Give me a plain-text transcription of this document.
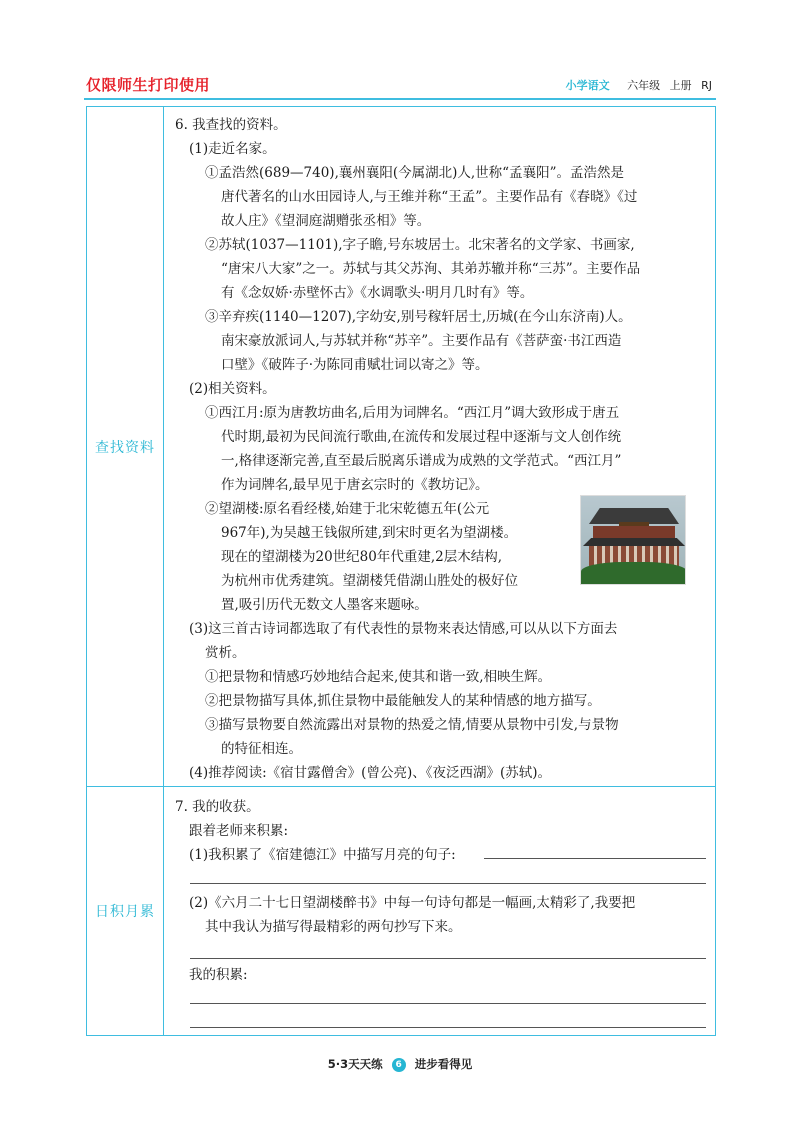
仅限师生打印使用	小学语文 六年级 上册 RJ
查找资料
6. 我查找的资料。
(1)走近名家。
①孟浩然(689—740),襄州襄阳(今属湖北)人,世称“孟襄阳”。孟浩然是
唐代著名的山水田园诗人,与王维并称“王孟”。主要作品有《春晓》《过
故人庄》《望洞庭湖赠张丞相》等。
②苏轼(1037—1101),字子瞻,号东坡居士。北宋著名的文学家、书画家,
“唐宋八大家”之一。苏轼与其父苏洵、其弟苏辙并称“三苏”。主要作品
有《念奴娇·赤壁怀古》《水调歌头·明月几时有》等。
③辛弃疾(1140—1207),字幼安,别号稼轩居士,历城(在今山东济南)人。
南宋豪放派词人,与苏轼并称“苏辛”。主要作品有《菩萨蛮·书江西造
口壁》《破阵子·为陈同甫赋壮词以寄之》等。
(2)相关资料。
①西江月:原为唐教坊曲名,后用为词牌名。“西江月”调大致形成于唐五
代时期,最初为民间流行歌曲,在流传和发展过程中逐渐与文人创作统
一,格律逐渐完善,直至最后脱离乐谱成为成熟的文学范式。“西江月”
作为词牌名,最早见于唐玄宗时的《教坊记》。
②望湖楼:原名看经楼,始建于北宋乾德五年(公元
967年),为吴越王钱俶所建,到宋时更名为望湖楼。
现在的望湖楼为20世纪80年代重建,2层木结构,
为杭州市优秀建筑。望湖楼凭借湖山胜处的极好位
置,吸引历代无数文人墨客来题咏。
(3)这三首古诗词都选取了有代表性的景物来表达情感,可以从以下方面去
赏析。
①把景物和情感巧妙地结合起来,使其和谐一致,相映生辉。
②把景物描写具体,抓住景物中最能触发人的某种情感的地方描写。
③描写景物要自然流露出对景物的热爱之情,情要从景物中引发,与景物
的特征相连。
(4)推荐阅读:《宿甘露僧舍》(曾公亮)、《夜泛西湖》(苏轼)。
日积月累
7. 我的收获。
跟着老师来积累:
(1)我积累了《宿建德江》中描写月亮的句子:
(2)《六月二十七日望湖楼醉书》中每一句诗句都是一幅画,太精彩了,我要把
其中我认为描写得最精彩的两句抄写下来。
我的积累:
5·3天天练 6 进步看得见
